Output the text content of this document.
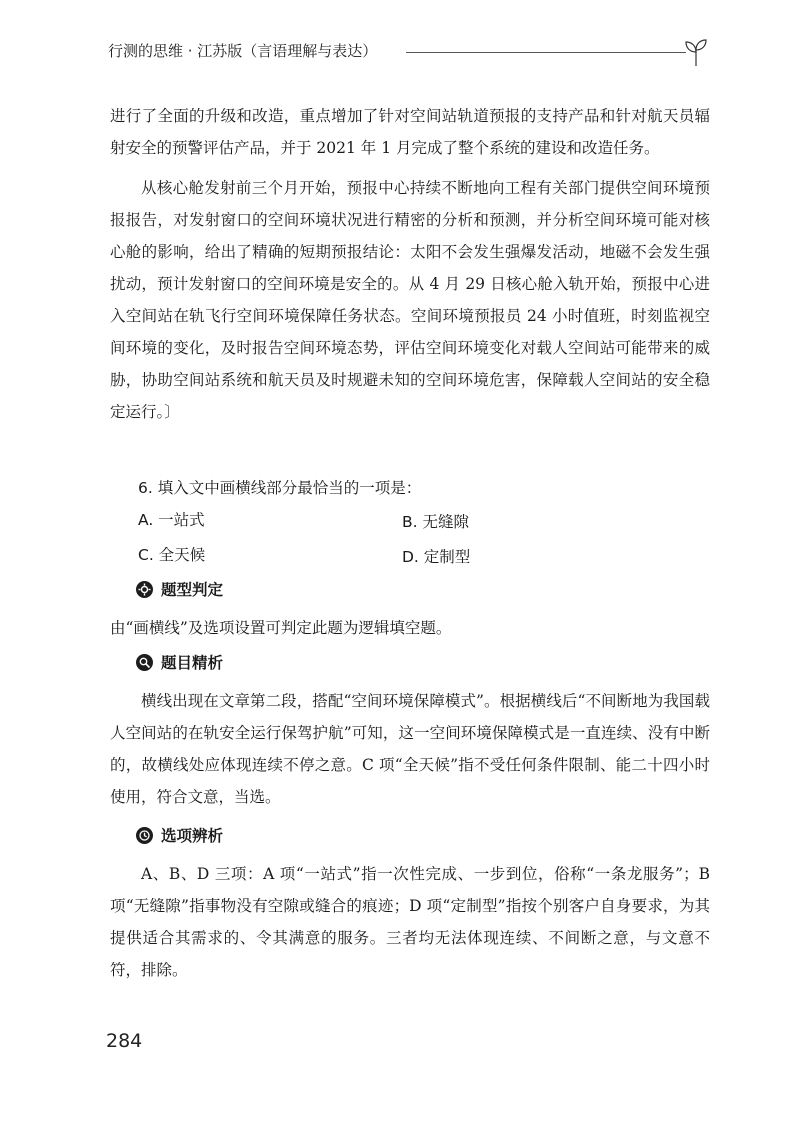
行测的思维 · 江苏版（言语理解与表达）

进行了全面的升级和改造，重点增加了针对空间站轨道预报的支持产品和针对航天员辐射安全的预警评估产品，并于 2021 年 1 月完成了整个系统的建设和改造任务。

从核心舱发射前三个月开始，预报中心持续不断地向工程有关部门提供空间环境预报报告，对发射窗口的空间环境状况进行精密的分析和预测，并分析空间环境可能对核心舱的影响，给出了精确的短期预报结论：太阳不会发生强爆发活动，地磁不会发生强扰动，预计发射窗口的空间环境是安全的。从 4 月 29 日核心舱入轨开始，预报中心进入空间站在轨飞行空间环境保障任务状态。空间环境预报员 24 小时值班，时刻监视空间环境的变化，及时报告空间环境态势，评估空间环境变化对载人空间站可能带来的威胁，协助空间站系统和航天员及时规避未知的空间环境危害，保障载人空间站的安全稳定运行。〕

6. 填入文中画横线部分最恰当的一项是：
A. 一站式	B. 无缝隙
C. 全天候	D. 定制型
题型判定

由“画横线”及选项设置可判定此题为逻辑填空题。

题目精析

横线出现在文章第二段，搭配“空间环境保障模式”。根据横线后“不间断地为我国载人空间站的在轨安全运行保驾护航”可知，这一空间环境保障模式是一直连续、没有中断的，故横线处应体现连续不停之意。C 项“全天候”指不受任何条件限制、能二十四小时使用，符合文意，当选。

选项辨析

A、B、D 三项：A 项“一站式”指一次性完成、一步到位，俗称“一条龙服务”；B 项“无缝隙”指事物没有空隙或缝合的痕迹；D 项“定制型”指按个别客户自身要求，为其提供适合其需求的、令其满意的服务。三者均无法体现连续、不间断之意，与文意不符，排除。

284
